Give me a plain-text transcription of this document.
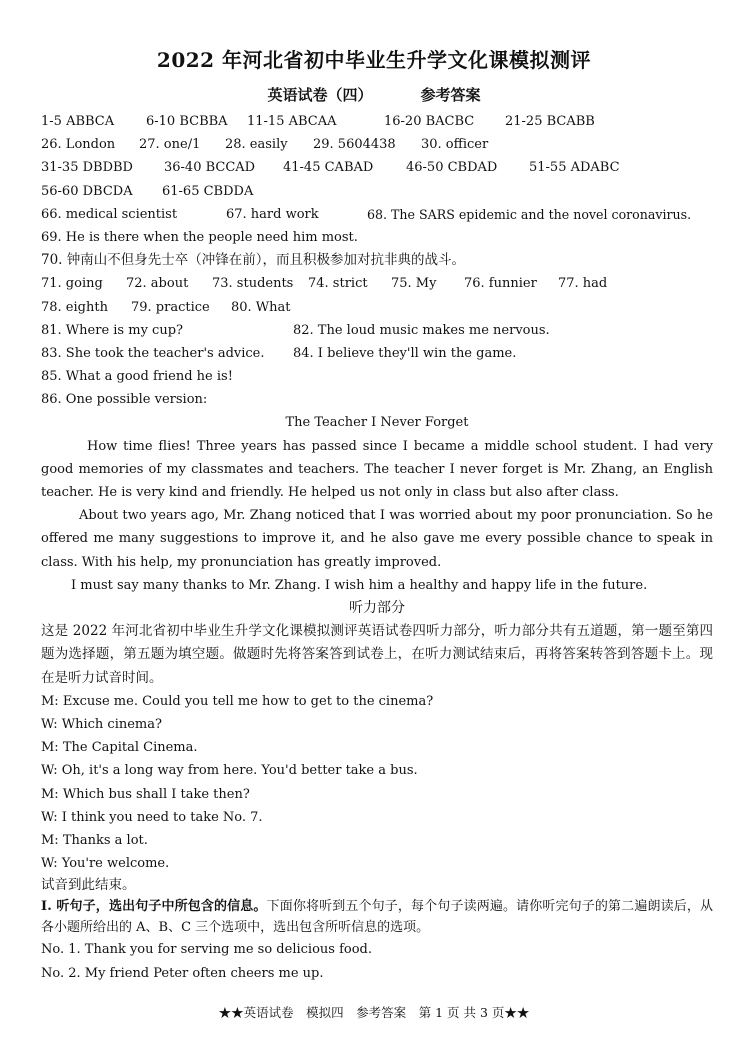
2022 年河北省初中毕业生升学文化课模拟测评
英语试卷（四）	参考答案
1-5 ABBCA 6-10 BCBBA 11-15 ABCAA	16-20 BACBC 21-25 BCABB
26. London 27. one/1 28. easily 29. 5604438 30. officer
31-35 DBDBD 36-40 BCCAD 41-45 CABAD	46-50 CBDAD 51-55 ADABC
56-60 DBCDA 61-65 CBDDA
66. medical scientist	67. hard work	68. The SARS epidemic and the novel coronavirus.
69. He is there when the people need him most.
70. 钟南山不但身先士卒（冲锋在前），而且积极参加对抗非典的战斗。
71. going 72. about 73. students 74. strict 75. My 76. funnier 77. had
78. eighth 79. practice 80. What
81. Where is my cup?	82. The loud music makes me nervous.
83. She took the teacher's advice. 84. I believe they'll win the game.
85. What a good friend he is!
86. One possible version:
The Teacher I Never Forget
How time flies! Three years has passed since I became a middle school student. I had very good memories of my classmates and teachers. The teacher I never forget is Mr. Zhang, an English teacher. He is very kind and friendly. He helped us not only in class but also after class.
About two years ago, Mr. Zhang noticed that I was worried about my poor pronunciation. So he offered me many suggestions to improve it, and he also gave me every possible chance to speak in class. With his help, my pronunciation has greatly improved.
I must say many thanks to Mr. Zhang. I wish him a healthy and happy life in the future.
听力部分
这是 2022 年河北省初中毕业生升学文化课模拟测评英语试卷四听力部分，听力部分共有五道题，第一题至第四题为选择题，第五题为填空题。做题时先将答案答到试卷上，在听力测试结束后，再将答案转答到答题卡上。现在是听力试音时间。
M: Excuse me. Could you tell me how to get to the cinema?
W: Which cinema?
M: The Capital Cinema.
W: Oh, it's a long way from here. You'd better take a bus.
M: Which bus shall I take then?
W: I think you need to take No. 7.
M: Thanks a lot.
W: You're welcome.
试音到此结束。
Ⅰ. 听句子，选出句子中所包含的信息。下面你将听到五个句子，每个句子读两遍。请你听完句子的第二遍朗读后，从各小题所给出的 A、B、C 三个选项中，选出包含所听信息的选项。
No. 1. Thank you for serving me so delicious food.
No. 2. My friend Peter often cheers me up.
★★英语试卷　模拟四　参考答案　第 1 页 共 3 页★★
